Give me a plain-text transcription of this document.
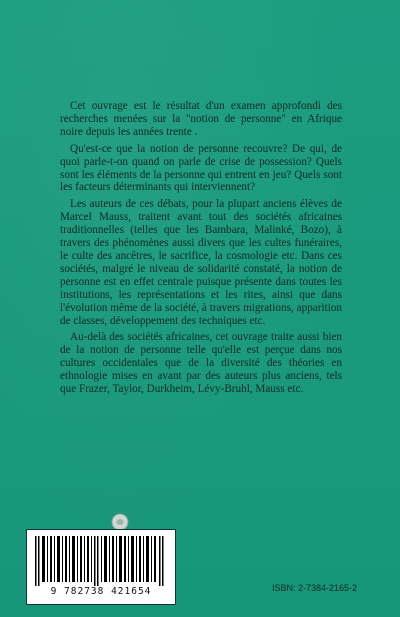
Cet ouvrage est le résultat d'un examen approfondi des recherches menées sur la "notion de personne" en Afrique noire depuis les années trente .

Qu'est-ce que la notion de personne recouvre? De qui, de quoi parle-t-on quand on parle de crise de possession? Quels sont les éléments de la personne qui entrent en jeu? Quels sont les facteurs déterminants qui interviennent?

Les auteurs de ces débats, pour la plupart anciens élèves de Marcel Mauss, traitent avant tout des sociétés africaines traditionnelles (telles que les Bambara, Malinké, Bozo), à travers des phénomènes aussi divers que les cultes funéraires, le culte des ancêtres, le sacrifice, la cosmologie etc. Dans ces sociétés, malgré le niveau de solidarité constaté, la notion de personne est en effet centrale puisque présente dans toutes les institutions, les représentations et les rites, ainsi que dans l'évolution même de la société, à travers migrations, apparition de classes, développement des techniques etc.

Au-delà des sociétés africaines, cet ouvrage traite aussi bien de la notion de personne telle qu'elle est perçue dans nos cultures occidentales que de la diversité des théories en ethnologie mises en avant par des auteurs plus anciens, tels que Frazer, Taylor, Durkheim, Lévy-Bruhl, Mauss etc.

9 782738 421654	ISBN: 2-7384-2165-2
